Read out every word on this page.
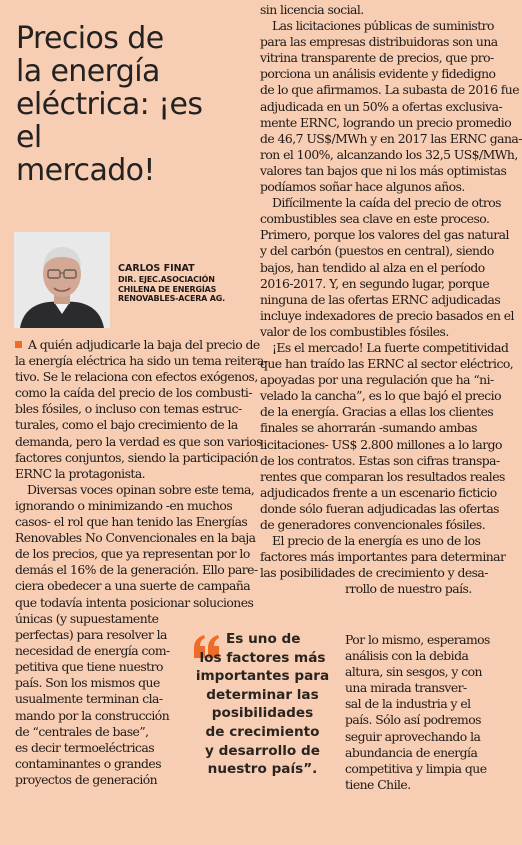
Precios de
la energía
eléctrica: ¡es el
mercado!
CARLOS FINAT
DIR. EJEC.ASOCIACIÓN
CHILENA DE ENERGÍAS
RENOVABLES-ACERA AG.
A quién adjudicarle la baja del precio de
la energía eléctrica ha sido un tema reitera-
tivo. Se le relaciona con efectos exógenos,
como la caída del precio de los combusti-
bles fósiles, o incluso con temas estruc-
turales, como el bajo crecimiento de la
demanda, pero la verdad es que son varios
factores conjuntos, siendo la participación
ERNC la protagonista.
Diversas voces opinan sobre este tema,
ignorando o minimizando -en muchos
casos- el rol que han tenido las Energías
Renovables No Convencionales en la baja
de los precios, que ya representan por lo
demás el 16% de la generación. Ello pare-
ciera obedecer a una suerte de campaña
que todavía intenta posicionar soluciones
únicas (y supuestamente
perfectas) para resolver la
necesidad de energía com-
petitiva que tiene nuestro
país. Son los mismos que
usualmente terminan cla-
mando por la construcción
de “centrales de base”,
es decir termoeléctricas
contaminantes o grandes
proyectos de generación
sin licencia social.
Las licitaciones públicas de suministro
para las empresas distribuidoras son una
vitrina transparente de precios, que pro-
porciona un análisis evidente y fidedigno
de lo que afirmamos. La subasta de 2016 fue
adjudicada en un 50% a ofertas exclusiva-
mente ERNC, logrando un precio promedio
de 46,7 US$/MWh y en 2017 las ERNC gana-
ron el 100%, alcanzando los 32,5 US$/MWh,
valores tan bajos que ni los más optimistas
podíamos soñar hace algunos años.
Difícilmente la caída del precio de otros
combustibles sea clave en este proceso.
Primero, porque los valores del gas natural
y del carbón (puestos en central), siendo
bajos, han tendido al alza en el período
2016-2017. Y, en segundo lugar, porque
ninguna de las ofertas ERNC adjudicadas
incluye indexadores de precio basados en el
valor de los combustibles fósiles.
¡Es el mercado! La fuerte competitividad
que han traído las ERNC al sector eléctrico,
apoyadas por una regulación que ha “ni-
velado la cancha”, es lo que bajó el precio
de la energía. Gracias a ellas los clientes
finales se ahorrarán -sumando ambas
licitaciones- US$ 2.800 millones a lo largo
de los contratos. Estas son cifras transpa-
rentes que comparan los resultados reales
adjudicados frente a un escenario ficticio
donde sólo fueran adjudicadas las ofertas
de generadores convencionales fósiles.
El precio de la energía es uno de los
factores más importantes para determinar
las posibilidades de crecimiento y desa-
rrollo de nuestro país.
Por lo mismo, esperamos
análisis con la debida
altura, sin sesgos, y con
una mirada transver-
sal de la industria y el
país. Sólo así podremos
seguir aprovechando la
abundancia de energía
competitiva y limpia que
tiene Chile.
Es uno de
los factores más
importantes para
determinar las
posibilidades
de crecimiento
y desarrollo de
nuestro país”.
